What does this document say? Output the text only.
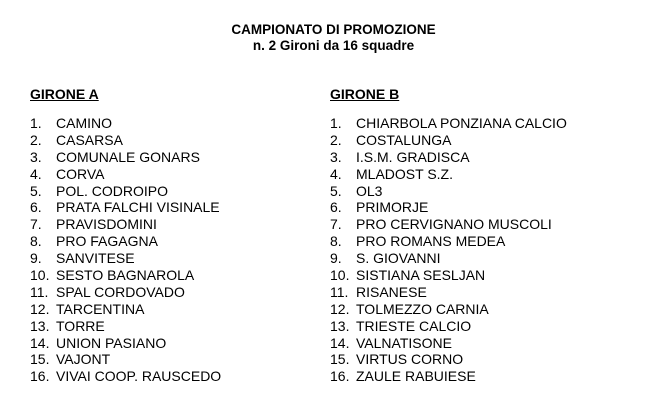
CAMPIONATO DI PROMOZIONE
n. 2 Gironi da 16 squadre
GIRONE A
1.	CAMINO
2.	CASARSA
3.	COMUNALE GONARS
4.	CORVA
5.	POL. CODROIPO
6.	PRATA FALCHI VISINALE
7.	PRAVISDOMINI
8.	PRO FAGAGNA
9.	SANVITESE
10. SESTO BAGNAROLA
11. SPAL CORDOVADO
12. TARCENTINA
13. TORRE
14. UNION PASIANO
15. VAJONT
16. VIVAI COOP. RAUSCEDO
GIRONE B
1.	CHIARBOLA PONZIANA CALCIO
2.	COSTALUNGA
3.	I.S.M. GRADISCA
4.	MLADOST S.Z.
5.	OL3
6.	PRIMORJE
7.	PRO CERVIGNANO MUSCOLI
8.	PRO ROMANS MEDEA
9.	S. GIOVANNI
10. SISTIANA SESLJAN
11. RISANESE
12. TOLMEZZO CARNIA
13. TRIESTE CALCIO
14. VALNATISONE
15. VIRTUS CORNO
16. ZAULE RABUIESE
